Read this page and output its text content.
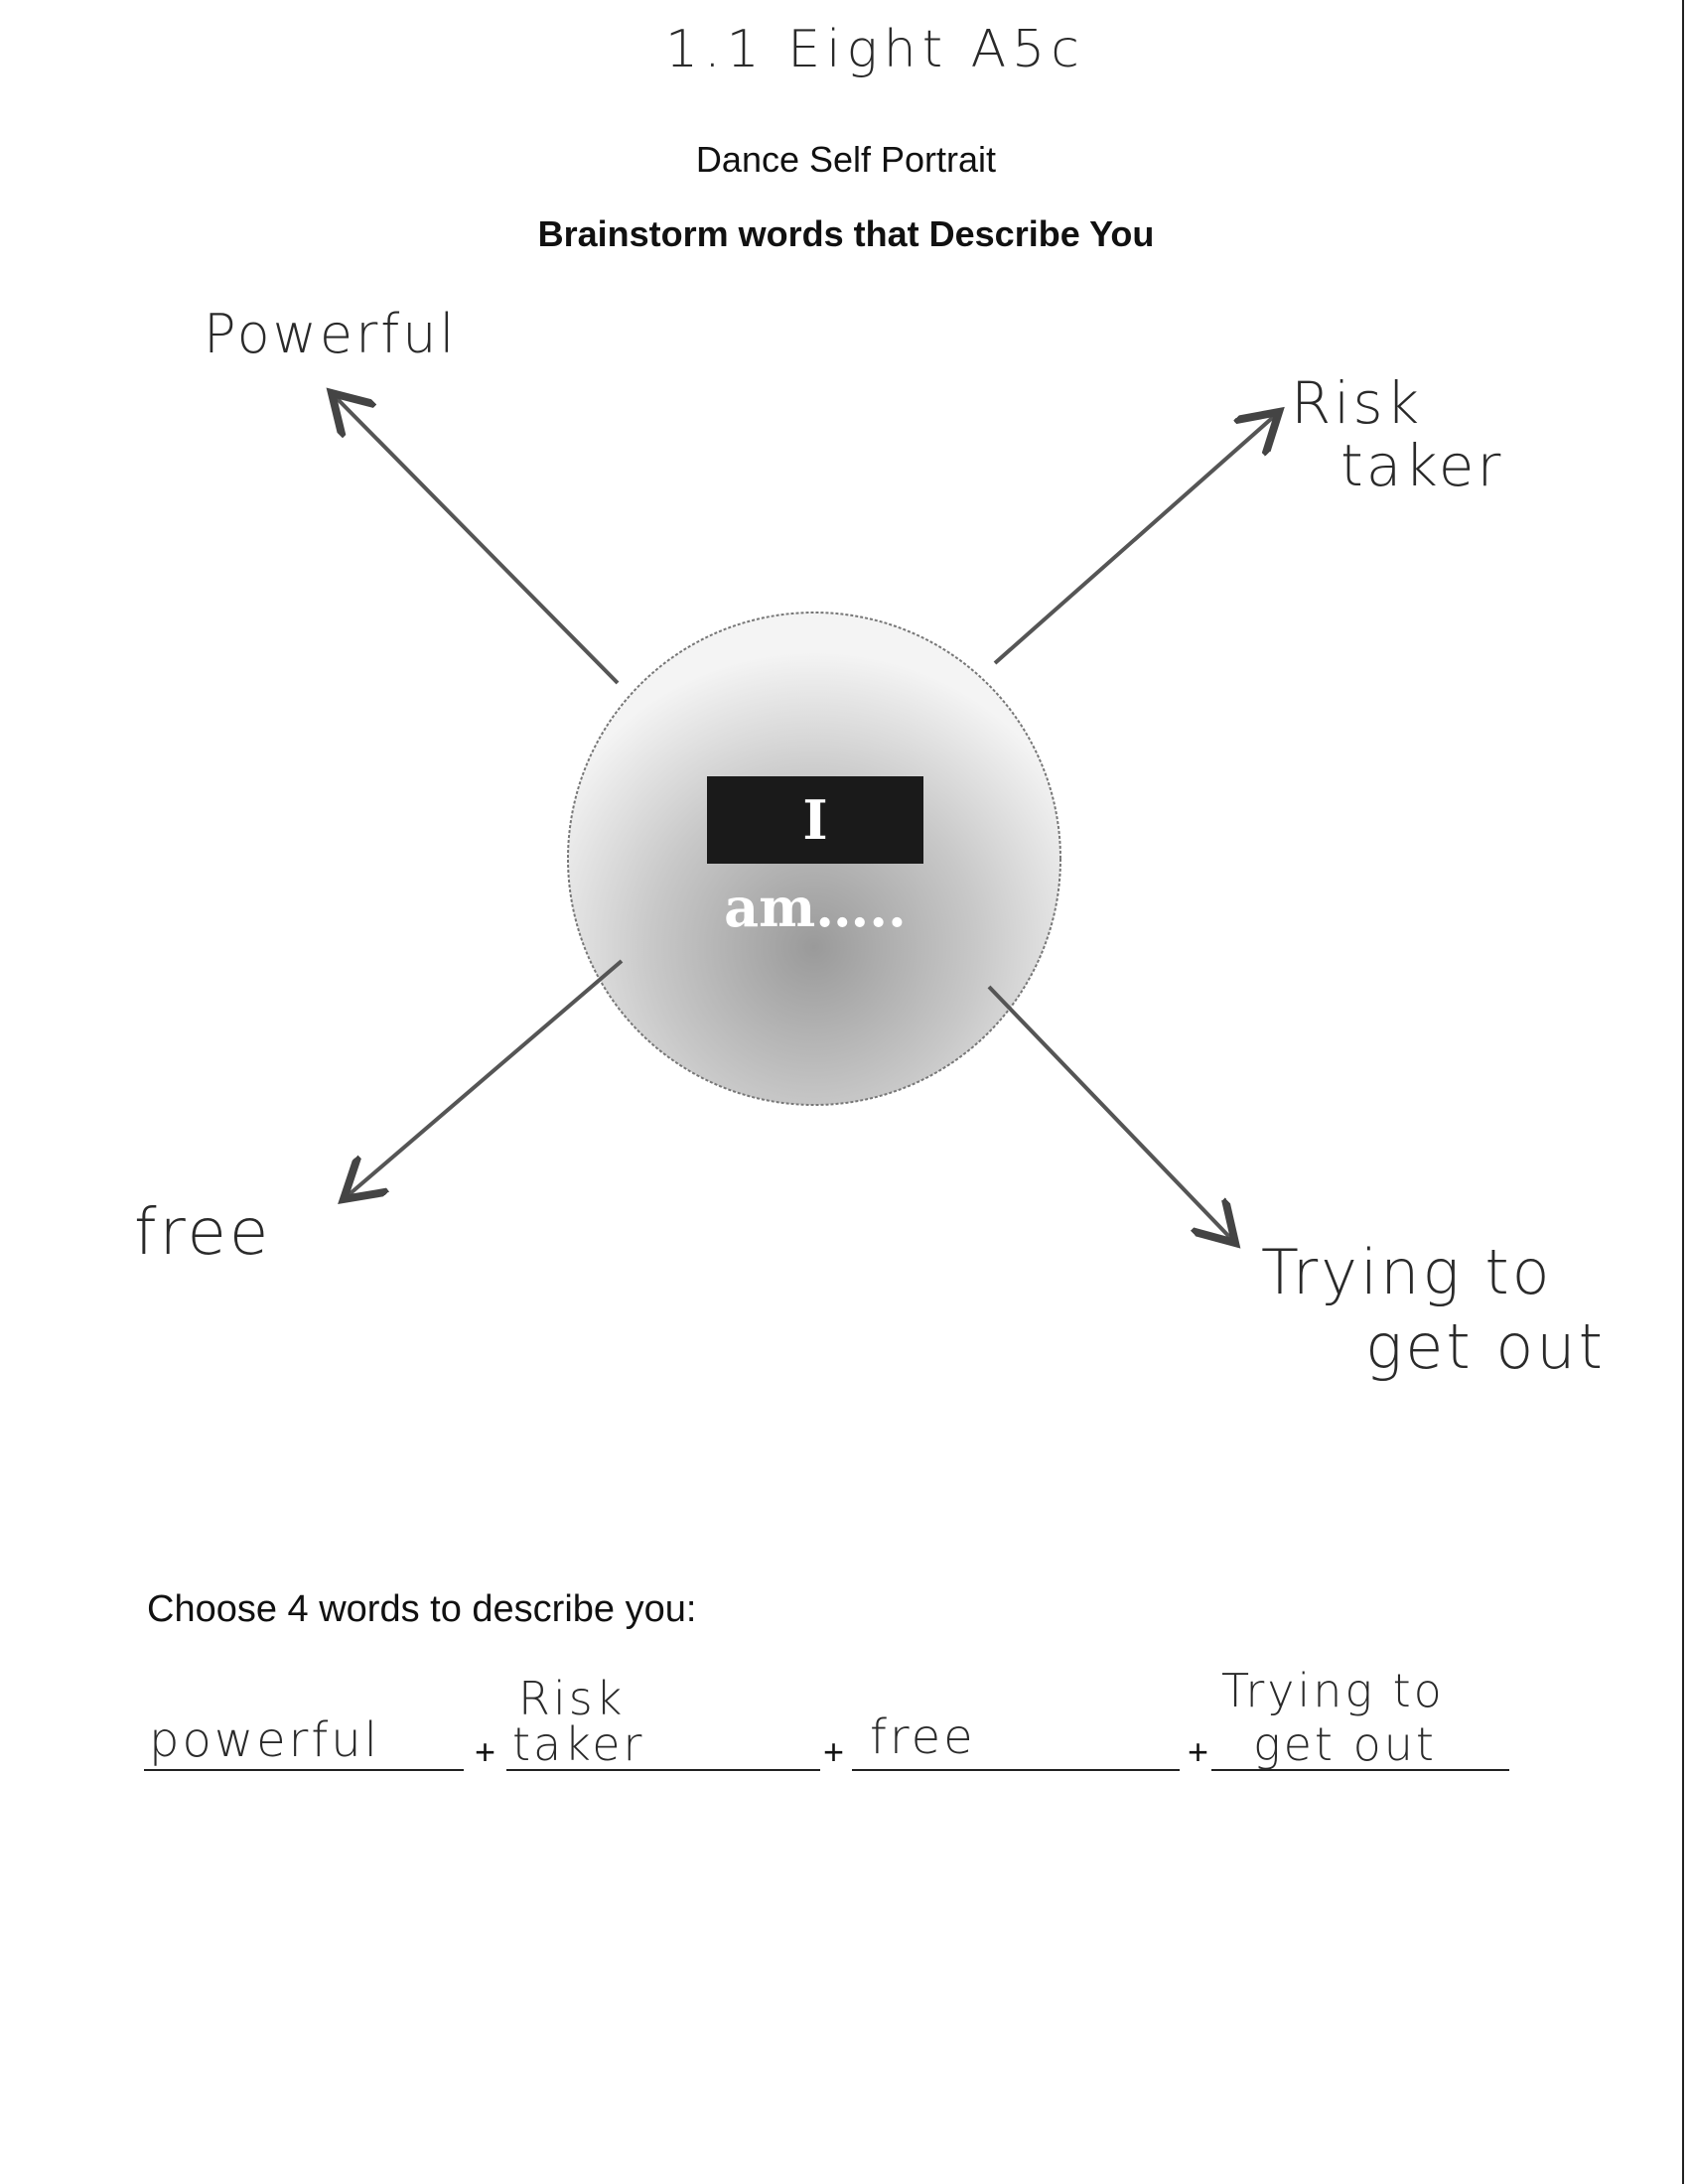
1.1 Eight A5c
Dance Self Portrait
Brainstorm words that Describe You
I am…..
Powerful
Risk
taker
free
Trying to
get out
Choose 4 words to describe you:
powerful	+
Risk
taker	+ free	+
Trying to
get out
